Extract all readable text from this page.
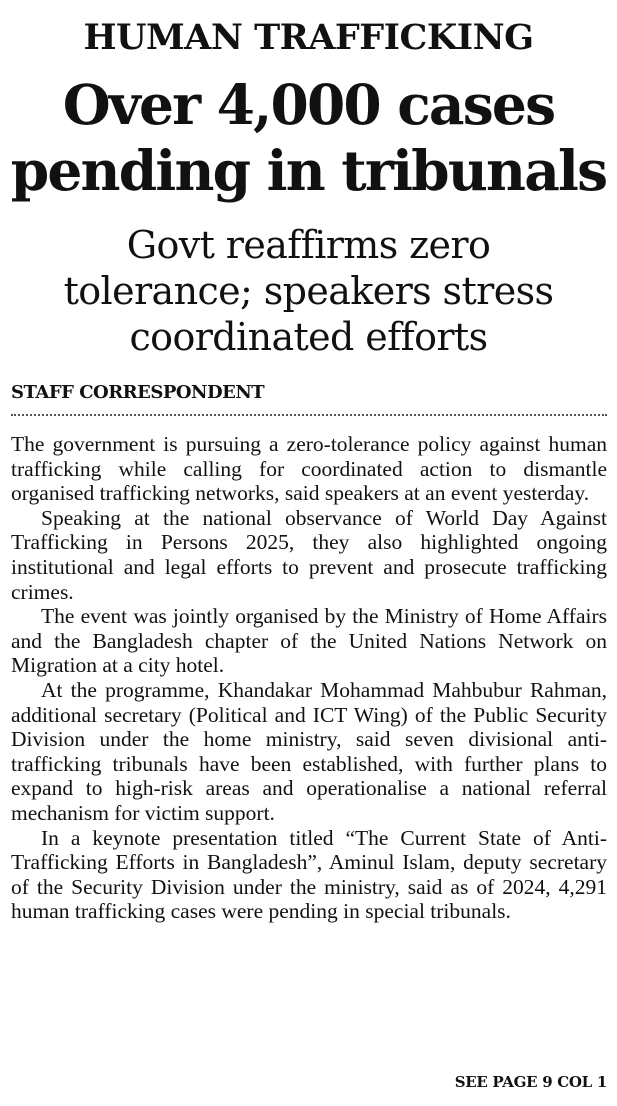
HUMAN TRAFFICKING
Over 4,000 cases
pending in tribunals
Govt reaffirms zero
tolerance; speakers stress
coordinated efforts
STAFF CORRESPONDENT

The government is pursuing a zero-tolerance policy against human trafficking while calling for coordinated action to dismantle organised trafficking networks, said speakers at an event yesterday.

Speaking at the national observance of World Day Against Trafficking in Persons 2025, they also highlighted ongoing institutional and legal efforts to prevent and prosecute trafficking crimes.

The event was jointly organised by the Ministry of Home Affairs and the Bangladesh chapter of the United Nations Network on Migration at a city hotel.

At the programme, Khandakar Mohammad Mahbubur Rahman, additional secretary (Political and ICT Wing) of the Public Security Division under the home ministry, said seven divisional anti-trafficking tribunals have been established, with further plans to expand to high-risk areas and operationalise a national referral mechanism for victim support.

In a keynote presentation titled “The Current State of Anti-Trafficking Efforts in Bangladesh”, Aminul Islam, deputy secretary of the Security Division under the ministry, said as of 2024, 4,291 human trafficking cases were pending in special tribunals.

SEE PAGE 9 COL 1
